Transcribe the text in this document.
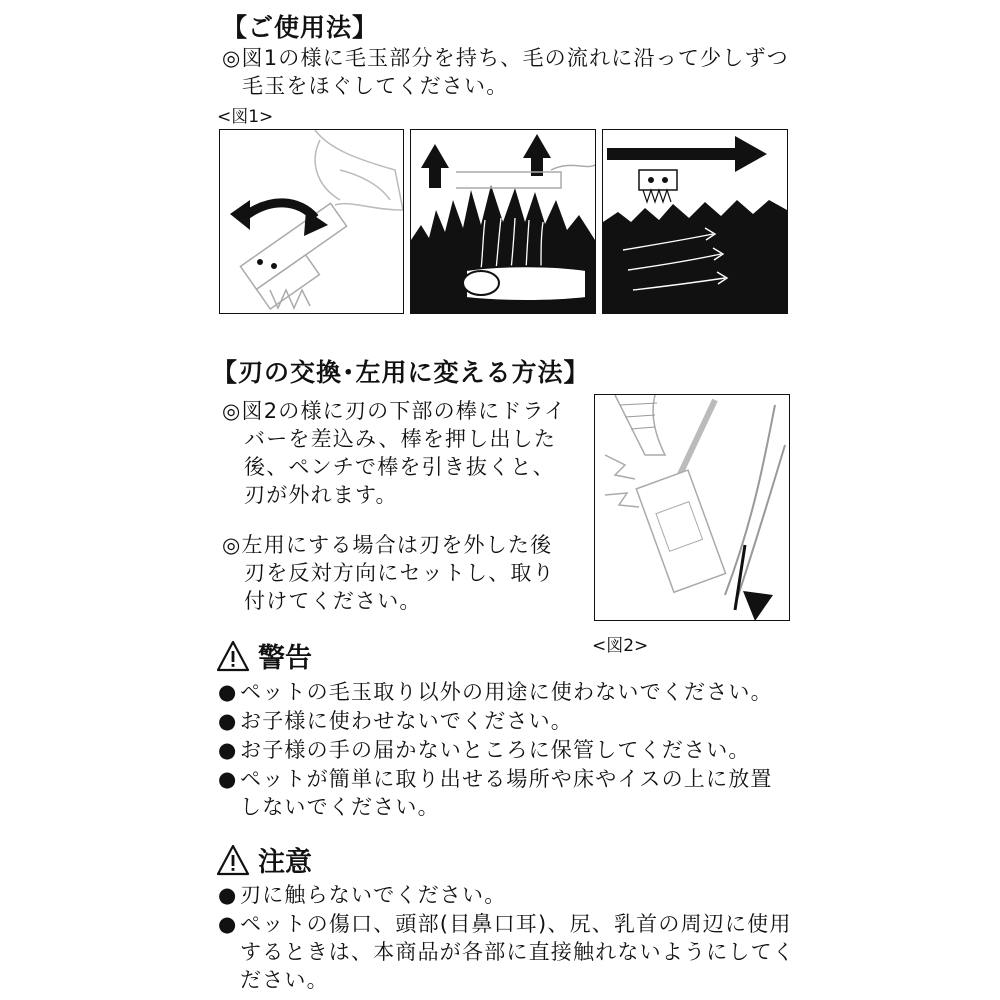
【ご使用法】
◎図1の様に毛玉部分を持ち、毛の流れに沿って少しずつ
毛玉をほぐしてください。
<図1>
【刃の交換･左用に変える方法】
◎図2の様に刃の下部の棒にドライ
バーを差込み、棒を押し出した
後、ペンチで棒を引き抜くと、
刃が外れます。
◎左用にする場合は刃を外した後
刃を反対方向にセットし、取り
付けてください。
<図2>
警告
● ペットの毛玉取り以外の用途に使わないでください。
● お子様に使わせないでください。
● お子様の手の届かないところに保管してください。
● ペットが簡単に取り出せる場所や床やイスの上に放置
しないでください。
注意
● 刃に触らないでください。
● ペットの傷口、頭部(目鼻口耳)、尻、乳首の周辺に使用
するときは、本商品が各部に直接触れないようにしてく
ださい。
